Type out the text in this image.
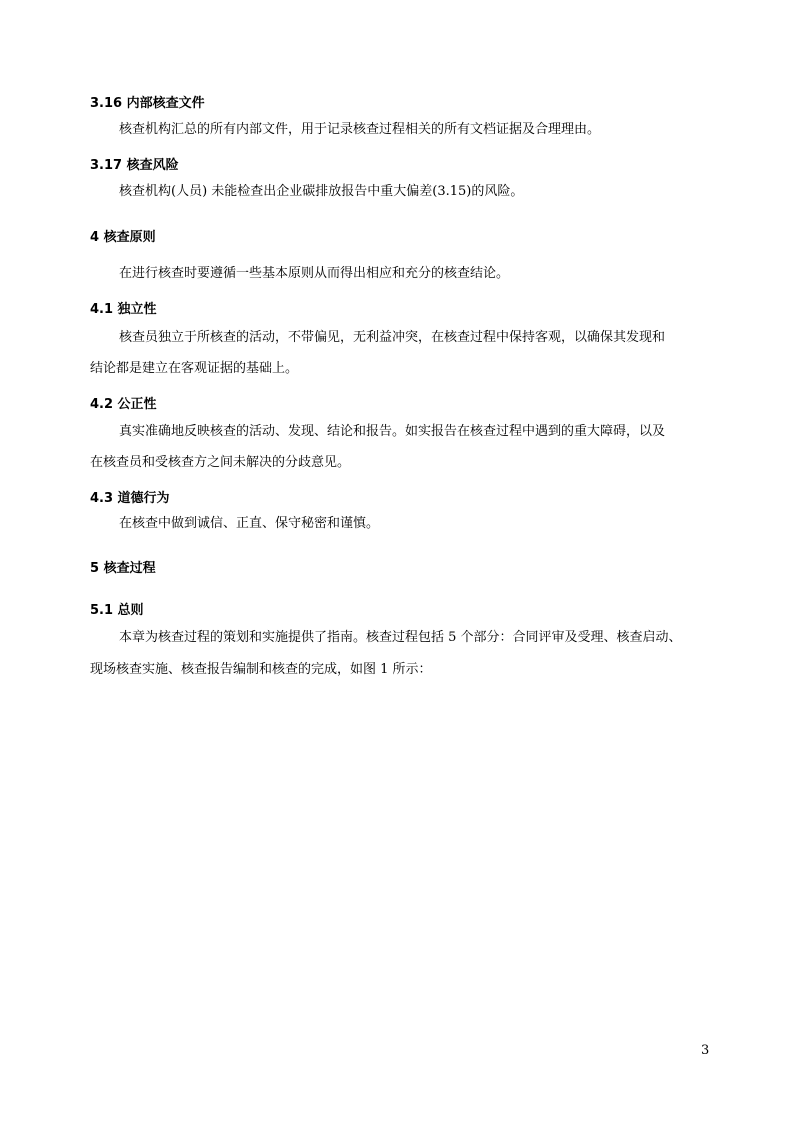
3.16 内部核查文件
核查机构汇总的所有内部文件，用于记录核查过程相关的所有文档证据及合理理由。
3.17 核查风险
核查机构(人员) 未能检查出企业碳排放报告中重大偏差(3.15)的风险。
4 核查原则
在进行核查时要遵循一些基本原则从而得出相应和充分的核查结论。
4.1 独立性
核查员独立于所核查的活动，不带偏见，无利益冲突，在核查过程中保持客观，以确保其发现和
结论都是建立在客观证据的基础上。
4.2 公正性
真实准确地反映核查的活动、发现、结论和报告。如实报告在核查过程中遇到的重大障碍，以及
在核查员和受核查方之间未解决的分歧意见。
4.3 道德行为
在核查中做到诚信、正直、保守秘密和谨慎。
5 核查过程
5.1 总则
本章为核查过程的策划和实施提供了指南。核查过程包括 5 个部分：合同评审及受理、核查启动、
现场核查实施、核查报告编制和核查的完成，如图 1 所示：
3
